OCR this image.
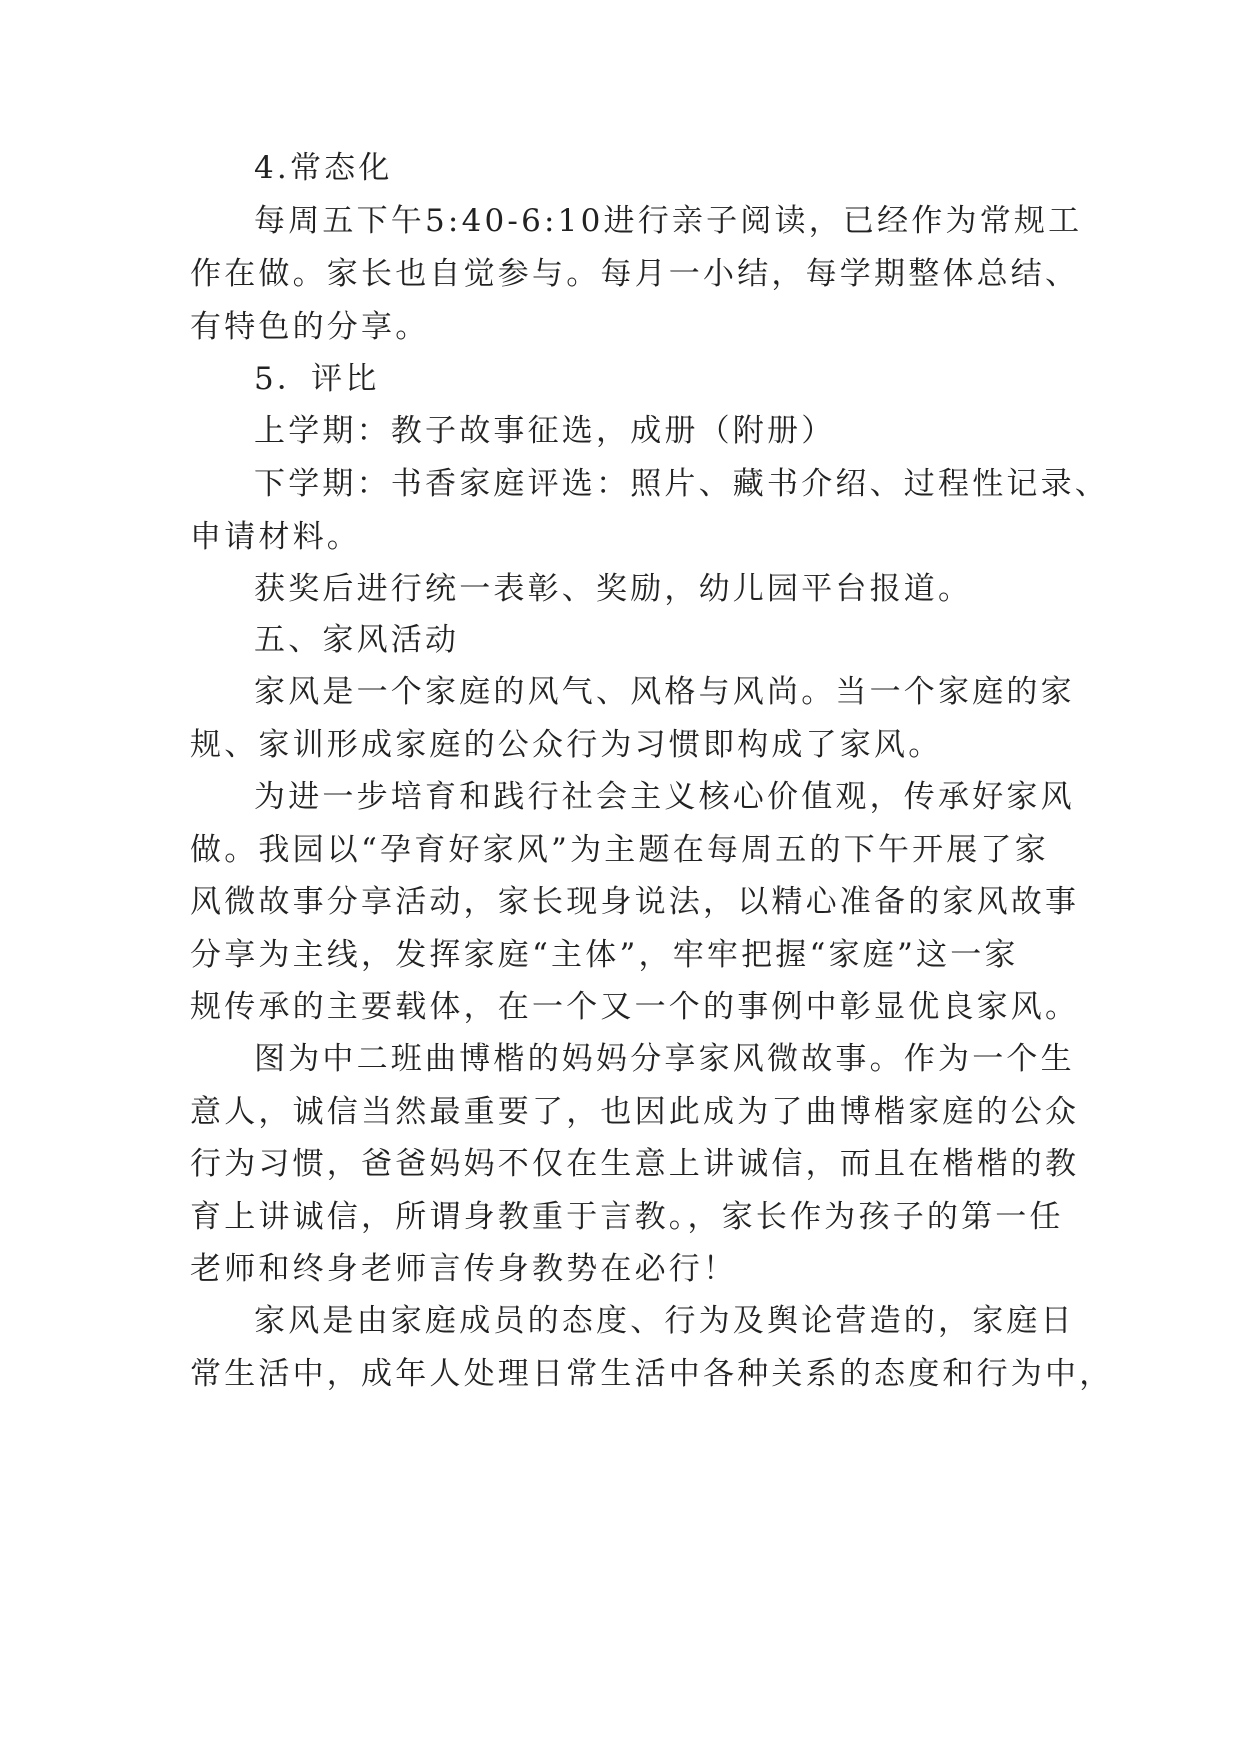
4.常态化
每周五下午5:40-6:10进行亲子阅读，已经作为常规工
作在做。家长也自觉参与。每月一小结，每学期整体总结、
有特色的分享。
5．评比
上学期：教子故事征选，成册（附册）
下学期：书香家庭评选：照片、藏书介绍、过程性记录、
申请材料。
获奖后进行统一表彰、奖励，幼儿园平台报道。
五、家风活动
家风是一个家庭的风气、风格与风尚。当一个家庭的家
规、家训形成家庭的公众行为习惯即构成了家风。
为进一步培育和践行社会主义核心价值观，传承好家风
做。我园以“孕育好家风”为主题在每周五的下午开展了家
风微故事分享活动，家长现身说法，以精心准备的家风故事
分享为主线，发挥家庭“主体”，牢牢把握“家庭”这一家
规传承的主要载体，在一个又一个的事例中彰显优良家风。
图为中二班曲博楷的妈妈分享家风微故事。作为一个生
意人，诚信当然最重要了，也因此成为了曲博楷家庭的公众
行为习惯，爸爸妈妈不仅在生意上讲诚信，而且在楷楷的教
育上讲诚信，所谓身教重于言教。，家长作为孩子的第一任
老师和终身老师言传身教势在必行！
家风是由家庭成员的态度、行为及舆论营造的，家庭日
常生活中，成年人处理日常生活中各种关系的态度和行为中，
